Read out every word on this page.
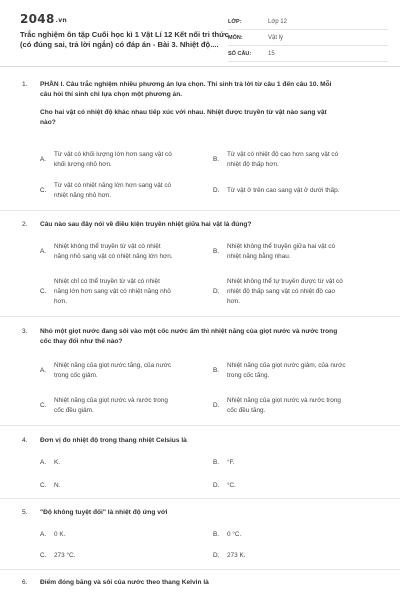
2048.vn
Trắc nghiệm ôn tập Cuối học kì 1 Vật Lí 12 Kết nối tri thức (có đúng sai, trả lời ngắn) có đáp án - Bài 3. Nhiệt độ....
LỚP:	Lớp 12
MÔN:	Vật lý
SỐ CÂU:	15
1. PHẦN I. Câu trắc nghiệm nhiều phương án lựa chọn. Thí sinh trả lời từ câu 1 đến câu 10. Mỗi
câu hỏi thí sinh chỉ lựa chọn một phương án.
Cho hai vật có nhiệt độ khác nhau tiếp xúc với nhau. Nhiệt được truyền từ vật nào sang vật
nào?
A.
Từ vật có khối lượng lớn hơn sang vật có
khối lượng nhỏ hơn.
B.
Từ vật có nhiệt độ cao hơn sang vật có
nhiệt độ thấp hơn.
C.
Từ vật có nhiệt năng lớn hơn sang vật có
nhiệt năng nhỏ hơn.
D. Từ vật ở trên cao sang vật ở dưới thấp.
2. Câu nào sau đây nói về điều kiện truyền nhiệt giữa hai vật là đúng?
A.
Nhiệt không thể truyền từ vật có nhiệt
năng nhỏ sang vật có nhiệt năng lớn hơn.
B.
Nhiệt không thể truyền giữa hai vật có
nhiệt năng bằng nhau.
C.
Nhiệt chỉ có thể truyền từ vật có nhiệt
năng lớn hơn sang vật có nhiệt năng nhỏ
hơn.
D.
Nhiệt không thể tự truyền được từ vật có
nhiệt độ thấp sang vật có nhiệt độ cao
hơn.
3. Nhỏ một giọt nước đang sôi vào một cốc nước ấm thì nhiệt năng của giọt nước và nước trong
cốc thay đổi như thế nào?
A.
Nhiệt năng của giọt nước tăng, của nước
trong cốc giảm.
B.
Nhiệt năng của giọt nước giảm, của nước
trong cốc tăng.
C.
Nhiệt năng của giọt nước và nước trong
cốc đều giảm.
D.
Nhiệt năng của giọt nước và nước trong
cốc đều tăng.
4. Đơn vị đo nhiệt độ trong thang nhiệt Celsius là
A. K.	B. °F.
C. N.	D. °C.
5. "Độ không tuyệt đối" là nhiệt độ ứng với
A. 0 K.	B. 0 °C.
C. 273 °C.	D. 273 K.
6. Điểm đóng băng và sôi của nước theo thang Kelvin là
